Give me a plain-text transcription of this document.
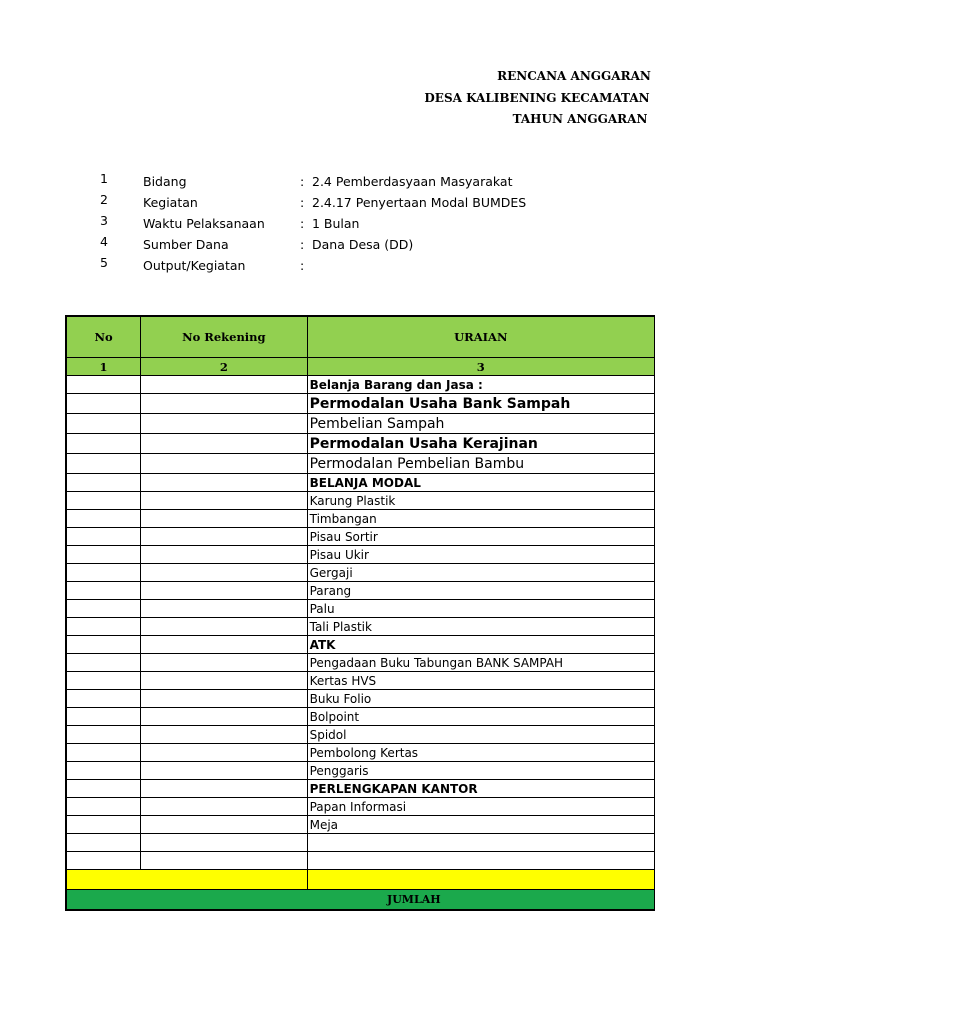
RENCANA ANGGARAN
DESA KALIBENING KECAMATAN
TAHUN ANGGARAN
1	Bidang	: 2.4 Pemberdasyaan Masyarakat
2	Kegiatan	: 2.4.17 Penyertaan Modal BUMDES
3	Waktu Pelaksanaan	: 1 Bulan
4	Sumber Dana	: Dana Desa (DD)
5	Output/Kegiatan	:
No	No Rekening	URAIAN
1	2	3
		Belanja Barang dan Jasa :
		Permodalan Usaha Bank Sampah
		Pembelian Sampah
		Permodalan Usaha Kerajinan
		Permodalan Pembelian Bambu
		BELANJA MODAL
		Karung Plastik
		Timbangan
		Pisau Sortir
		Pisau Ukir
		Gergaji
		Parang
		Palu
		Tali Plastik
		ATK
		Pengadaan Buku Tabungan BANK SAMPAH
		Kertas HVS
		Buku Folio
		Bolpoint
		Spidol
		Pembolong Kertas
		Penggaris
		PERLENGKAPAN KANTOR
		Papan Informasi
		Meja

JUMLAH		
